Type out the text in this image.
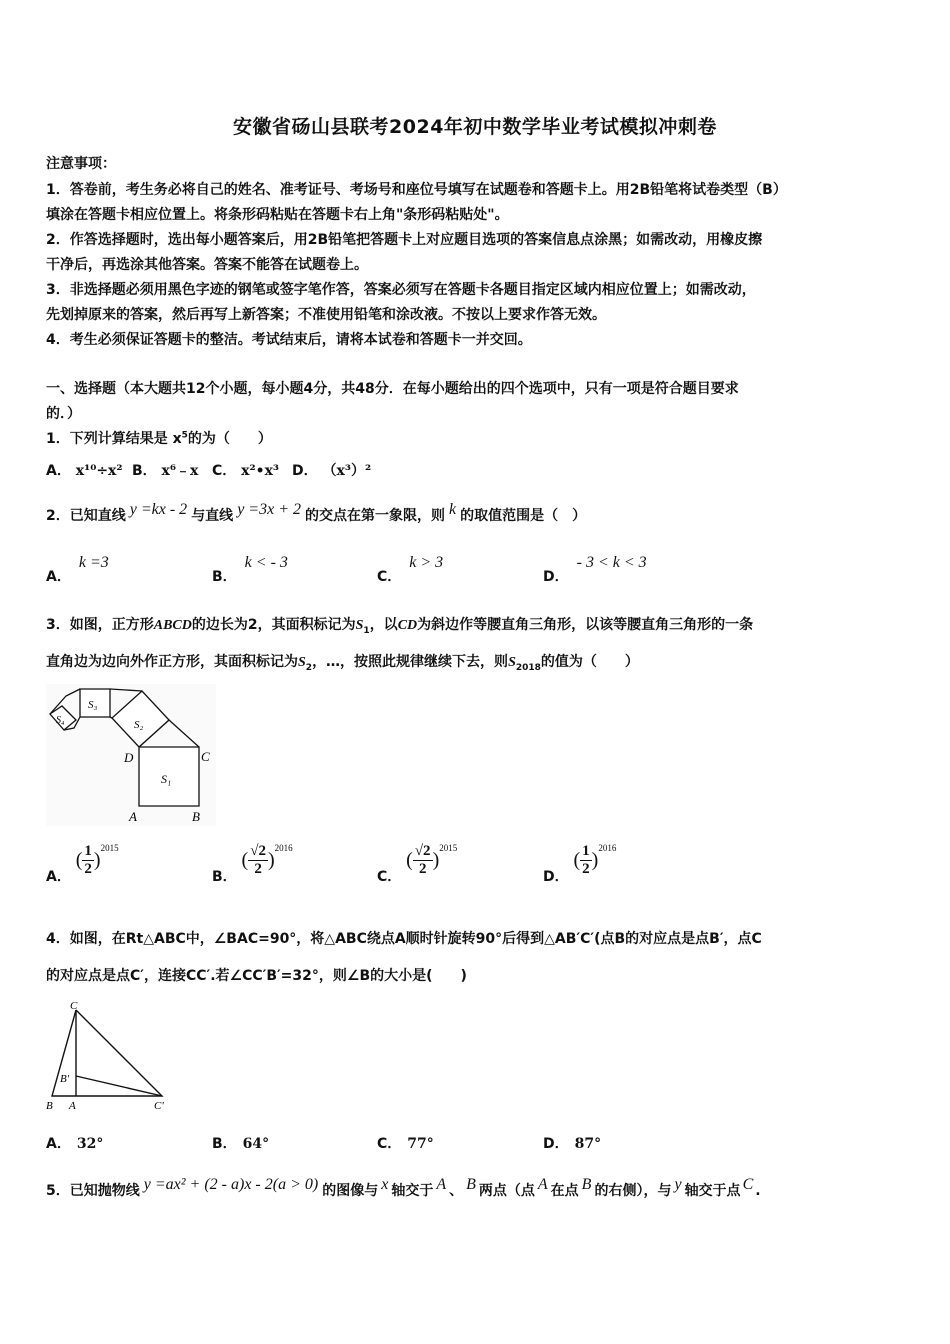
安徽省砀山县联考2024年初中数学毕业考试模拟冲刺卷
注意事项：
1．答卷前，考生务必将自己的姓名、准考证号、考场号和座位号填写在试题卷和答题卡上。用2B铅笔将试卷类型（B）
填涂在答题卡相应位置上。将条形码粘贴在答题卡右上角"条形码粘贴处"。
2．作答选择题时，选出每小题答案后，用2B铅笔把答题卡上对应题目选项的答案信息点涂黑；如需改动，用橡皮擦
干净后，再选涂其他答案。答案不能答在试题卷上。
3．非选择题必须用黑色字迹的钢笔或签字笔作答，答案必须写在答题卡各题目指定区域内相应位置上；如需改动，
先划掉原来的答案，然后再写上新答案；不准使用铅笔和涂改液。不按以上要求作答无效。
4．考生必须保证答题卡的整洁。考试结束后，请将本试卷和答题卡一并交回。
一、选择题（本大题共12个小题，每小题4分，共48分．在每小题给出的四个选项中，只有一项是符合题目要求
的．）
1．下列计算结果是 $x^5$的为（　　）
A． x¹⁰÷x² B． x⁶﹣x C． x²•x³ D． （x³）²
2．已知直线 y =kx - 2 与直线 y =3x + 2 的交点在第一象限，则 k 的取值范围是（　）
A．k =3
B．k < - 3
C．k > 3
D．- 3 < k < 3
3．如图，正方形ABCD的边长为2，其面积标记为$S_1$，以CD为斜边作等腰直角三角形，以该等腰直角三角形的一条
直角边为边向外作正方形，其面积标记为$S_2$，…，按照此规律继续下去，则$S_{2018}$的值为（　　）
S₄
S₃
S₂
S₁
D	C
A	B
A． ( $\frac{1}{2} )^{2015}$
B． ( $\frac{√2}{2} )^{2016}$
C． ( $\frac{√2}{2} )^{2015}$
D． ( $\frac{1}{2} )^{2016}$
4．如图，在Rt△ABC中，∠BAC=90°，将△ABC绕点A顺时针旋转90°后得到△AB′C′(点B的对应点是点B′，点C
的对应点是点C′，连接CC′.若∠CC′B′=32°，则∠B的大小是(　　)
C
B'
B A	C'
A． 32°	B． 64°	C． 77°	D． 87°
5．已知抛物线 y =ax² + (2 - a)x - 2(a > 0) 的图像与 x 轴交于 A 、 B 两点（点 A 在点 B 的右侧），与 y 轴交于点 C .
